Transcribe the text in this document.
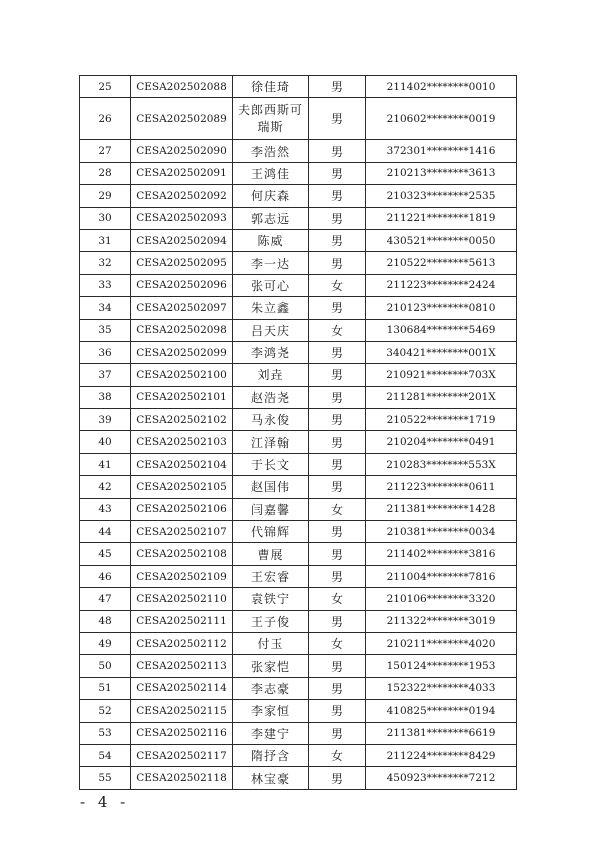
25	CESA202502088	徐佳琦	男	211402********0010
26	CESA202502089	夫郎西斯可瑞斯	男	210602********0019
27	CESA202502090	李浩然	男	372301********1416
28	CESA202502091	王鸿佳	男	210213********3613
29	CESA202502092	何庆森	男	210323********2535
30	CESA202502093	郭志远	男	211221********1819
31	CESA202502094	陈威	男	430521********0050
32	CESA202502095	李一达	男	210522********5613
33	CESA202502096	张可心	女	211223********2424
34	CESA202502097	朱立鑫	男	210123********0810
35	CESA202502098	吕天庆	女	130684********5469
36	CESA202502099	李鸿尧	男	340421********001X
37	CESA202502100	刘垚	男	210921********703X
38	CESA202502101	赵浩尧	男	211281********201X
39	CESA202502102	马永俊	男	210522********1719
40	CESA202502103	江泽翰	男	210204********0491
41	CESA202502104	于长文	男	210283********553X
42	CESA202502105	赵国伟	男	211223********0611
43	CESA202502106	闫嘉馨	女	211381********1428
44	CESA202502107	代锦辉	男	210381********0034
45	CESA202502108	曹展	男	211402********3816
46	CESA202502109	王宏睿	男	211004********7816
47	CESA202502110	袁铁宁	女	210106********3320
48	CESA202502111	王子俊	男	211322********3019
49	CESA202502112	付玉	女	210211********4020
50	CESA202502113	张家恺	男	150124********1953
51	CESA202502114	李志豪	男	152322********4033
52	CESA202502115	李家恒	男	410825********0194
53	CESA202502116	李建宁	男	211381********6619
54	CESA202502117	隋抒含	女	211224********8429
55	CESA202502118	林宝豪	男	450923********7212
- 4 -
